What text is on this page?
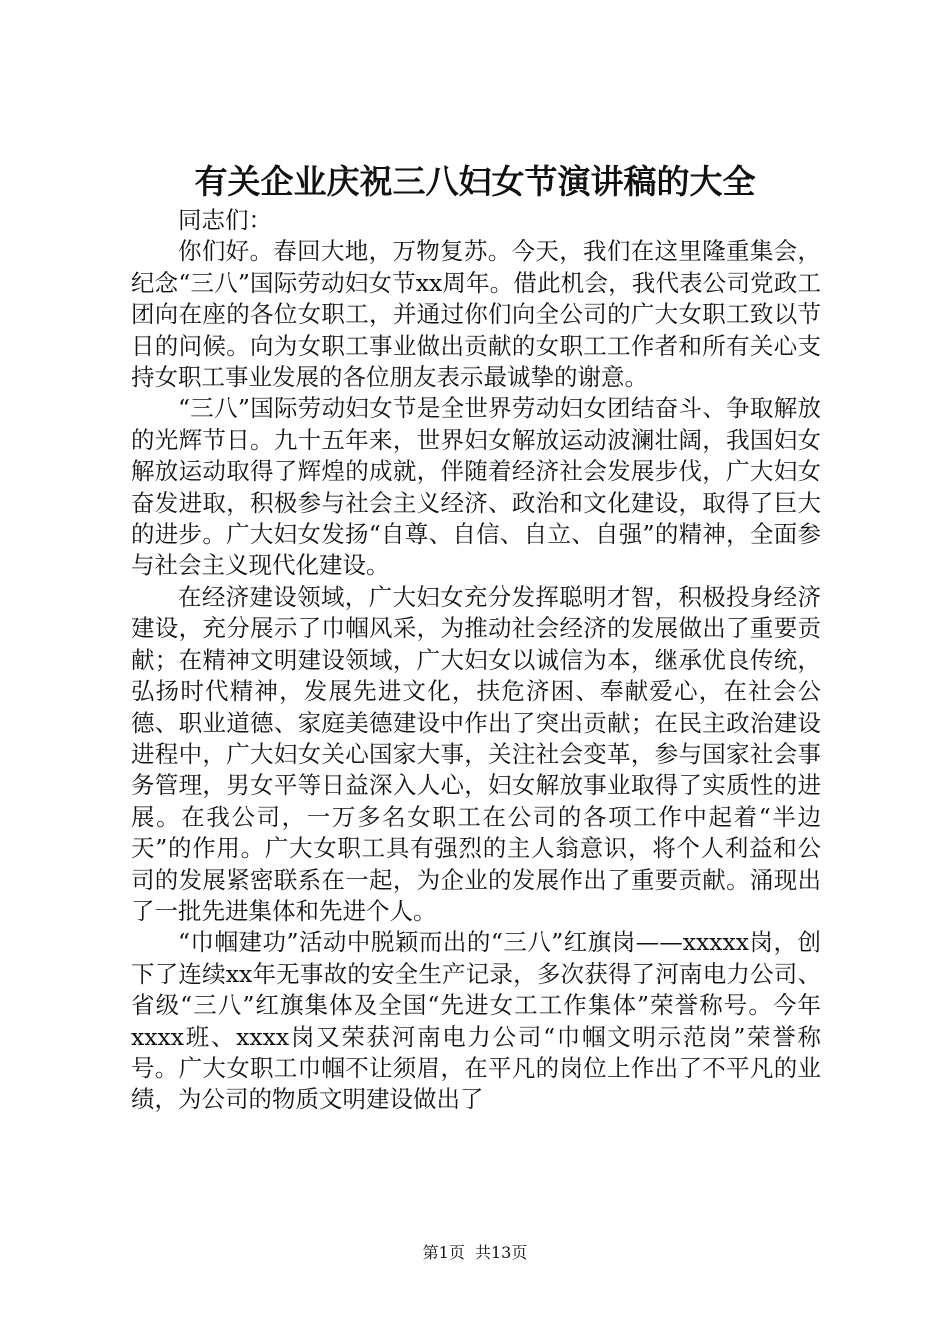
有关企业庆祝三八妇女节演讲稿的大全

同志们：

你们好。春回大地，万物复苏。今天，我们在这里隆重集会，纪念“三八”国际劳动妇女节xx周年。借此机会，我代表公司党政工团向在座的各位女职工，并通过你们向全公司的广大女职工致以节日的问候。向为女职工事业做出贡献的女职工工作者和所有关心支持女职工事业发展的各位朋友表示最诚挚的谢意。

“三八”国际劳动妇女节是全世界劳动妇女团结奋斗、争取解放的光辉节日。九十五年来，世界妇女解放运动波澜壮阔，我国妇女解放运动取得了辉煌的成就，伴随着经济社会发展步伐，广大妇女奋发进取，积极参与社会主义经济、政治和文化建设，取得了巨大的进步。广大妇女发扬“自尊、自信、自立、自强”的精神，全面参与社会主义现代化建设。

在经济建设领域，广大妇女充分发挥聪明才智，积极投身经济建设，充分展示了巾帼风采，为推动社会经济的发展做出了重要贡献；在精神文明建设领域，广大妇女以诚信为本，继承优良传统，弘扬时代精神，发展先进文化，扶危济困、奉献爱心，在社会公德、职业道德、家庭美德建设中作出了突出贡献；在民主政治建设进程中，广大妇女关心国家大事，关注社会变革，参与国家社会事务管理，男女平等日益深入人心，妇女解放事业取得了实质性的进展。在我公司，一万多名女职工在公司的各项工作中起着“半边天”的作用。广大女职工具有强烈的主人翁意识，将个人利益和公司的发展紧密联系在一起，为企业的发展作出了重要贡献。涌现出了一批先进集体和先进个人。

“巾帼建功”活动中脱颖而出的“三八”红旗岗——xxxxx岗，创下了连续xx年无事故的安全生产记录，多次获得了河南电力公司、省级“三八”红旗集体及全国“先进女工工作集体”荣誉称号。今年xxxx班、xxxx岗又荣获河南电力公司“巾帼文明示范岗”荣誉称号。广大女职工巾帼不让须眉，在平凡的岗位上作出了不平凡的业绩，为公司的物质文明建设做出了

第1页  共13页
